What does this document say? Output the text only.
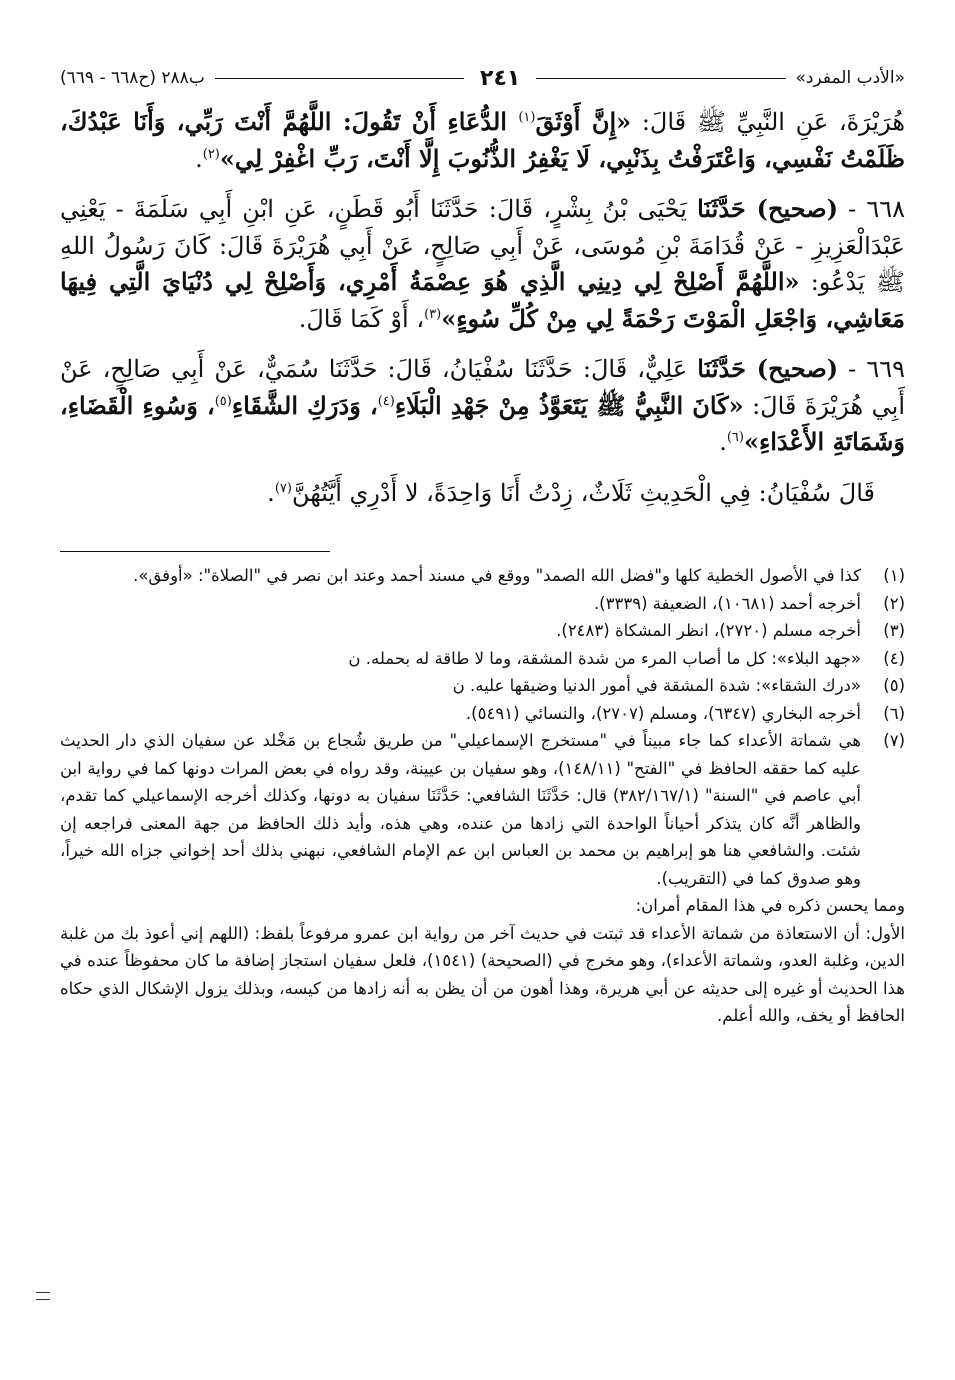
«الأدب المفرد»
٢٤١
ب٢٨٨ (ح٦٦٨ - ٦٦٩)

هُرَيْرَةَ، عَنِ النَّبِيِّ ﷺ قَالَ: «إِنَّ أَوْثَقَ$^{(١)}$ الدُّعَاءِ أَنْ تَقُولَ: اللَّهُمَّ أَنْتَ رَبِّي، وَأَنَا عَبْدُكَ، ظَلَمْتُ نَفْسِي، وَاعْتَرَفْتُ بِذَنْبِي، لَا يَغْفِرُ الذُّنُوبَ إِلَّا أَنْتَ، رَبِّ اغْفِرْ لِي»$^{(٢)}$.

٦٦٨ - (صحيح) حَدَّثَنَا يَحْيَى بْنُ بِشْرٍ، قَالَ: حَدَّثَنَا أَبُو قَطَنٍ، عَنِ ابْنِ أَبِي سَلَمَةَ - يَعْنِي عَبْدَالْعَزِيزِ - عَنْ قُدَامَةَ بْنِ مُوسَى، عَنْ أَبِي صَالِحٍ، عَنْ أَبِي هُرَيْرَةَ قَالَ: كَانَ رَسُولُ اللهِ ﷺ يَدْعُو: «اللَّهُمَّ أَصْلِحْ لِي دِينِي الَّذِي هُوَ عِصْمَةُ أَمْرِي، وَأَصْلِحْ لِي دُنْيَايَ الَّتِي فِيهَا مَعَاشِي، وَاجْعَلِ الْمَوْتَ رَحْمَةً لِي مِنْ كُلِّ سُوءٍ»$^{(٣)}$، أَوْ كَمَا قَالَ.

٦٦٩ - (صحيح) حَدَّثَنَا عَلِيٌّ، قَالَ: حَدَّثَنَا سُفْيَانُ، قَالَ: حَدَّثَنَا سُمَيٌّ، عَنْ أَبِي صَالِحٍ، عَنْ أَبِي هُرَيْرَةَ قَالَ: «كَانَ النَّبِيُّ ﷺ يَتَعَوَّذُ مِنْ جَهْدِ الْبَلَاءِ$^{(٤)}$، وَدَرَكِ الشَّقَاءِ$^{(٥)}$، وَسُوءِ الْقَضَاءِ، وَشَمَاتَةِ الأَعْدَاءِ»$^{(٦)}$.

قَالَ سُفْيَانُ: فِي الْحَدِيثِ ثَلَاثٌ، زِدْتُ أَنَا وَاحِدَةً، لا أَدْرِي أَيَّتُهُنَّ$^{(٧)}$.

(١)
كذا في الأصول الخطية كلها و"فضل الله الصمد" ووقع في مسند أحمد وعند ابن نصر في "الصلاة": «أوفق».
(٢)
أخرجه أحمد (١٠٦٨١)، الضعيفة (٣٣٣٩).
(٣)
أخرجه مسلم (٢٧٢٠)، انظر المشكاة (٢٤٨٣).
(٤)
«جهد البلاء»: كل ما أصاب المرء من شدة المشقة، وما لا طاقة له بحمله. ن
(٥)
«درك الشقاء»: شدة المشقة في أمور الدنيا وضيقها عليه. ن
(٦)
أخرجه البخاري (٦٣٤٧)، ومسلم (٢٧٠٧)، والنسائي (٥٤٩١).
(٧)
هي شماتة الأعداء كما جاء مبيناً في "مستخرج الإسماعيلي" من طريق شُجاع بن مَخْلد عن سفيان الذي دار الحديث عليه كما حققه الحافظ في "الفتح" (١٤٨/١١)، وهو سفيان بن عيينة، وقد رواه في بعض المرات دونها كما في رواية ابن أبي عاصم في "السنة" (٣٨٢/١٦٧/١) قال: حَدَّثَنَا الشافعي: حَدَّثَنَا سفيان به دونها، وكذلك أخرجه الإسماعيلي كما تقدم، والظاهر أنَّه كان يتذكر أحياناً الواحدة التي زادها من عنده، وهي هذه، وأيد ذلك الحافظ من جهة المعنى فراجعه إن شئت. والشافعي هنا هو إبراهيم بن محمد بن العباس ابن عم الإمام الشافعي، نبهني بذلك أحد إخواني جزاه الله خيراً، وهو صدوق كما في (التقريب).
ومما يحسن ذكره في هذا المقام أمران:
الأول: أن الاستعاذة من شماتة الأعداء قد ثبتت في حديث آخر من رواية ابن عمرو مرفوعاً بلفظ: (اللهم إني أعوذ بك من غلبة الدين، وغلبة العدو، وشماتة الأعداء)، وهو مخرج في (الصحيحة) (١٥٤١)، فلعل سفيان استجاز إضافة ما كان محفوظاً عنده في هذا الحديث أو غيره إلى حديثه عن أبي هريرة، وهذا أهون من أن يظن به أنه زادها من كيسه، وبذلك يزول الإشكال الذي حكاه الحافظ أو يخف، والله أعلم.
